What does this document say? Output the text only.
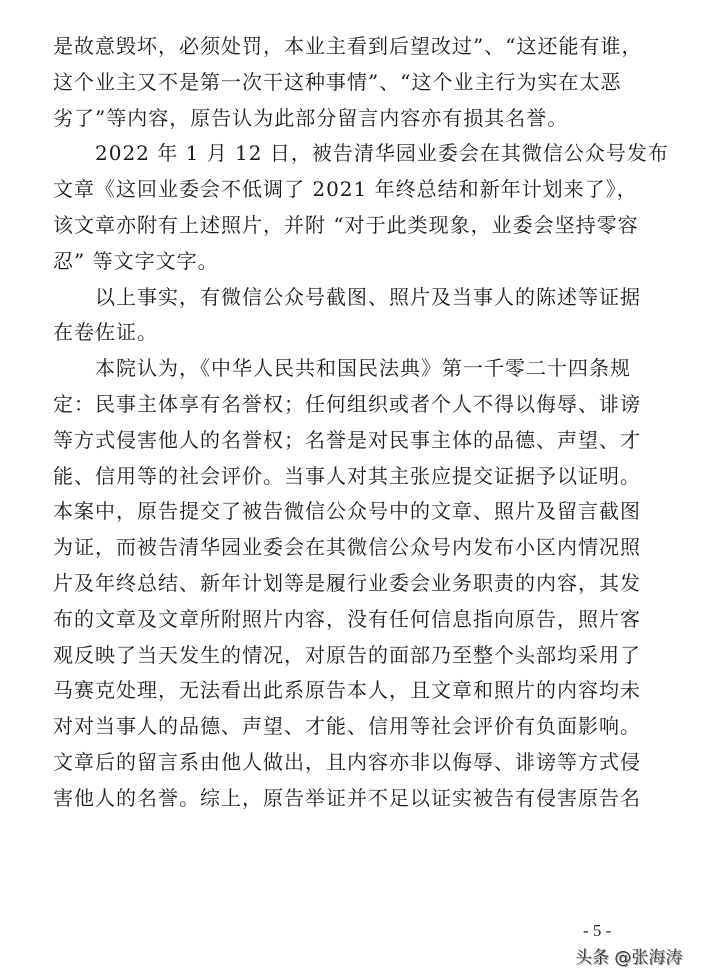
是故意毁坏，必须处罚，本业主看到后望改过”、“这还能有谁，
这个业主又不是第一次干这种事情”、“这个业主行为实在太恶
劣了”等内容，原告认为此部分留言内容亦有损其名誉。
2022 年 1 月 12 日，被告清华园业委会在其微信公众号发布
文章《这回业委会不低调了 2021 年终总结和新年计划来了》，
该文章亦附有上述照片，并附 “对于此类现象，业委会坚持零容
忍” 等文字文字。
以上事实，有微信公众号截图、照片及当事人的陈述等证据
在卷佐证。
本院认为，《中华人民共和国民法典》第一千零二十四条规
定：民事主体享有名誉权；任何组织或者个人不得以侮辱、诽谤
等方式侵害他人的名誉权；名誉是对民事主体的品德、声望、才
能、信用等的社会评价。当事人对其主张应提交证据予以证明。
本案中，原告提交了被告微信公众号中的文章、照片及留言截图
为证，而被告清华园业委会在其微信公众号内发布小区内情况照
片及年终总结、新年计划等是履行业委会业务职责的内容，其发
布的文章及文章所附照片内容，没有任何信息指向原告，照片客
观反映了当天发生的情况，对原告的面部乃至整个头部均采用了
马赛克处理，无法看出此系原告本人，且文章和照片的内容均未
对对当事人的品德、声望、才能、信用等社会评价有负面影响。
文章后的留言系由他人做出，且内容亦非以侮辱、诽谤等方式侵
害他人的名誉。综上，原告举证并不足以证实被告有侵害原告名
- 5 -
头条 @张海涛
